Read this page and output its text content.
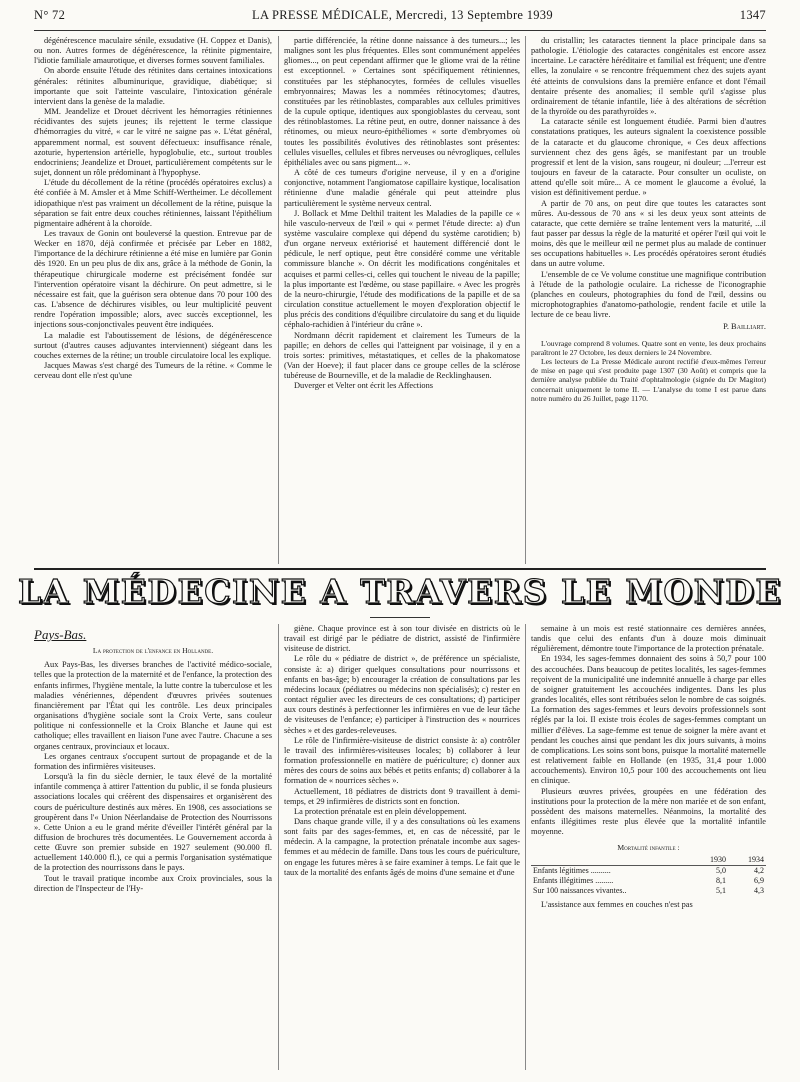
N° 72	LA PRESSE MÉDICALE, Mercredi, 13 Septembre 1939	1347

dégénérescence maculaire sénile, exsudative (H. Coppez et Danis), ou non. Autres formes de dégénérescence, la rétinite pigmentaire, l'idiotie familiale amaurotique, et diverses formes souvent familiales.

On aborde ensuite l'étude des rétinites dans certaines intoxications générales: rétinites albuminurique, gravidique, diabétique; si importante que soit l'atteinte vasculaire, l'intoxication générale intervient dans la genèse de la maladie.

MM. Jeandelize et Drouet décrivent les hémorragies rétiniennes récidivantes des sujets jeunes; ils rejettent le terme classique d'hémorragies du vitré, « car le vitré ne saigne pas ». L'état général, apparemment normal, est souvent défectueux: insuffisance rénale, azoturie, hypertension artérielle, hypoglobulie, etc., surtout troubles endocriniens; Jeandelize et Drouet, particulièrement compétents sur le sujet, donnent un rôle prédominant à l'hypophyse.

L'étude du décollement de la rétine (procédés opératoires exclus) a été confiée à M. Amsler et à Mme Schiff-Wertheimer. Le décollement idiopathique n'est pas vraiment un décollement de la rétine, puisque la séparation se fait entre deux couches rétiniennes, laissant l'épithélium pigmentaire adhérent à la choroïde.

Les travaux de Gonin ont bouleversé la question. Entrevue par de Wecker en 1870, déjà confirmée et précisée par Leber en 1882, l'importance de la déchirure rétinienne a été mise en lumière par Gonin dès 1920. En un peu plus de dix ans, grâce à la méthode de Gonin, la thérapeutique chirurgicale moderne est précisément fondée sur l'intervention opératoire visant la déchirure. On peut admettre, si le nécessaire est fait, que la guérison sera obtenue dans 70 pour 100 des cas. L'absence de déchirures visibles, ou leur multiplicité peuvent rendre l'opération impossible; alors, avec succès exceptionnel, les injections sous-conjonctivales peuvent être indiquées.

La maladie est l'aboutissement de lésions, de dégénérescence surtout (d'autres causes adjuvantes interviennent) siégeant dans les couches externes de la rétine; un trouble circulatoire local les explique.

Jacques Mawas s'est chargé des Tumeurs de la rétine. « Comme le cerveau dont elle n'est qu'une

partie différenciée, la rétine donne naissance à des tumeurs...; les malignes sont les plus fréquentes. Elles sont communément appelées gliomes..., on peut cependant affirmer que le gliome vrai de la rétine est exceptionnel. » Certaines sont spécifiquement rétiniennes, constituées par les stéphanocytes, formées de cellules visuelles embryonnaires; Mawas les a nommées rétinocytomes; d'autres, constituées par les rétinoblastes, comparables aux cellules primitives de la cupule optique, identiques aux spongioblastes du cerveau, sont des rétinoblastomes. La rétine peut, en outre, donner naissance à des rétinomes, ou mieux neuro-épithéliomes « sorte d'embryomes où toutes les possibilités évolutives des rétinoblastes sont présentes: cellules visuelles, cellules et fibres nerveuses ou névrogliques, cellules épithéliales avec ou sans pigment... ».

A côté de ces tumeurs d'origine nerveuse, il y en a d'origine conjonctive, notamment l'angiomatose capillaire kystique, localisation rétinienne d'une maladie générale qui peut atteindre plus particulièrement le système nerveux central.

J. Bollack et Mme Delthil traitent les Maladies de la papille ce « hile vasculo-nerveux de l'œil » qui « permet l'étude directe: a) d'un système vasculaire complexe qui dépend du système carotidien; b) d'un organe nerveux extériorisé et hautement différencié dont le pédicule, le nerf optique, peut être considéré comme une véritable commissure blanche ». On décrit les modifications congénitales et acquises et parmi celles-ci, celles qui touchent le niveau de la papille; la plus importante est l'œdème, ou stase papillaire. « Avec les progrès de la neuro-chirurgie, l'étude des modifications de la papille et de sa circulation constitue actuellement le moyen d'exploration objectif le plus précis des conditions d'équilibre circulatoire du sang et du liquide céphalo-rachidien à l'intérieur du crâne ».

Nordmann décrit rapidement et clairement les Tumeurs de la papille; en dehors de celles qui l'atteignent par voisinage, il y en a trois sortes: primitives, métastatiques, et celles de la phakomatose (Van der Hoeve); il faut placer dans ce groupe celles de la sclérose tubéreuse de Bourneville, et de la maladie de Recklinghausen.

Duverger et Velter ont écrit les Affections

du cristallin; les cataractes tiennent la place principale dans sa pathologie. L'étiologie des cataractes congénitales est encore assez incertaine. Le caractère héréditaire et familial est fréquent; une d'entre elles, la zonulaire « se rencontre fréquemment chez des sujets ayant été atteints de convulsions dans la première enfance et dont l'émail dentaire présente des anomalies; il semble qu'il s'agisse plus ordinairement de tétanie infantile, liée à des altérations de sécrétion de la thyroïde ou des parathyroïdes ».

La cataracte sénile est longuement étudiée. Parmi bien d'autres constatations pratiques, les auteurs signalent la coexistence possible de la cataracte et du glaucome chronique, « Ces deux affections surviennent chez des gens âgés, se manifestant par un trouble progressif et lent de la vision, sans rougeur, ni douleur; ...l'erreur est toujours en faveur de la cataracte. Pour consulter un oculiste, on attend qu'elle soit mûre... A ce moment le glaucome a évolué, la vision est définitivement perdue. »

A partir de 70 ans, on peut dire que toutes les cataractes sont mûres. Au-dessous de 70 ans « si les deux yeux sont atteints de cataracte, que cette dernière se traîne lentement vers la maturité, ...il faut passer par dessus la règle de la maturité et opérer l'œil qui voit le moins, dès que le meilleur œil ne permet plus au malade de continuer ses occupations habituelles ». Les procédés opératoires seront étudiés dans un autre volume.

L'ensemble de ce Ve volume constitue une magnifique contribution à l'étude de la pathologie oculaire. La richesse de l'iconographie (planches en couleurs, photographies du fond de l'œil, dessins ou microphotographies d'anatomo-pathologie, rendent facile et utile la lecture de ce beau livre.

P. Bailliart.

L'ouvrage comprend 8 volumes. Quatre sont en vente, les deux prochains paraîtront le 27 Octobre, les deux derniers le 24 Novembre.

Les lecteurs de La Presse Médicale auront rectifié d'eux-mêmes l'erreur de mise en page qui s'est produite page 1307 (30 Août) et compris que la dernière analyse publiée du Traité d'ophtalmologie (signée du Dr Magitot) concernait uniquement le tome II. — L'analyse du tome I est parue dans notre numéro du 26 Juillet, page 1170.

LA MÉDECINE A TRAVERS LE MONDE
Pays-Bas.
La protection de l'enfance en Hollande.

Aux Pays-Bas, les diverses branches de l'activité médico-sociale, telles que la protection de la maternité et de l'enfance, la protection des enfants infirmes, l'hygiène mentale, la lutte contre la tuberculose et les maladies vénériennes, dépendent d'œuvres privées soutenues financièrement par l'État qui les contrôle. Les deux principales organisations d'hygiène sociale sont la Croix Verte, sans couleur politique ni confessionnelle et la Croix Blanche et Jaune qui est catholique; elles travaillent en liaison l'une avec l'autre. Chacune a ses organes centraux, provinciaux et locaux.

Les organes centraux s'occupent surtout de propagande et de la formation des infirmières visiteuses.

Lorsqu'à la fin du siècle dernier, le taux élevé de la mortalité infantile commença à attirer l'attention du public, il se fonda plusieurs associations locales qui créèrent des dispensaires et organisèrent des cours de puériculture destinés aux mères. En 1908, ces associations se groupèrent dans l'« Union Néerlandaise de Protection des Nourrissons ». Cette Union a eu le grand mérite d'éveiller l'intérêt général par la diffusion de brochures très documentées. Le Gouvernement accorda à cette Œuvre son premier subside en 1927 seulement (90.000 fl. actuellement 140.000 fl.), ce qui a permis l'organisation systématique de la protection des nourrissons dans le pays.

Tout le travail pratique incombe aux Croix provinciales, sous la direction de l'Inspecteur de l'Hy-

giène. Chaque province est à son tour divisée en districts où le travail est dirigé par le pédiatre de district, assisté de l'infirmière visiteuse de district.

Le rôle du « pédiatre de district », de préférence un spécialiste, consiste à: a) diriger quelques consultations pour nourrissons et enfants en bas-âge; b) encourager la création de consultations par les médecins locaux (pédiatres ou médecins non spécialisés); c) rester en contact régulier avec les directeurs de ces consultations; d) participer aux cours destinés à perfectionner les infirmières en vue de leur tâche de visiteuses de l'enfance; e) participer à l'instruction des « nourrices sèches » et des gardes-releveuses.

Le rôle de l'infirmière-visiteuse de district consiste à: a) contrôler le travail des infirmières-visiteuses locales; b) collaborer à leur formation professionnelle en matière de puériculture; c) donner aux mères des cours de soins aux bébés et petits enfants; d) collaborer à la formation de « nourrices sèches ».

Actuellement, 18 pédiatres de districts dont 9 travaillent à demi-temps, et 29 infirmières de districts sont en fonction.

La protection prénatale est en plein développement.

Dans chaque grande ville, il y a des consultations où les examens sont faits par des sages-femmes, et, en cas de nécessité, par le médecin. A la campagne, la protection prénatale incombe aux sages-femmes et au médecin de famille. Dans tous les cours de puériculture, on engage les futures mères à se faire examiner à temps. Le fait que le taux de la mortalité des enfants âgés de moins d'une semaine et d'une

semaine à un mois est resté stationnaire ces dernières années, tandis que celui des enfants d'un à douze mois diminuait régulièrement, démontre toute l'importance de la protection prénatale.

En 1934, les sages-femmes donnaient des soins à 50,7 pour 100 des accouchées. Dans beaucoup de petites localités, les sages-femmes reçoivent de la municipalité une indemnité annuelle à charge par elles de soigner gratuitement les accouchées indigentes. Dans les plus grandes localités, elles sont rétribuées selon le nombre de cas soignés. La formation des sages-femmes et leurs devoirs professionnels sont réglés par la loi. Il existe trois écoles de sages-femmes comptant un millier d'élèves. La sage-femme est tenue de soigner la mère avant et pendant les couches ainsi que pendant les dix jours suivants, à moins de complications. Les soins sont bons, puisque la mortalité maternelle est relativement faible en Hollande (en 1935, 31,4 pour 1.000 accouchements). Environ 10,5 pour 100 des accouchements ont lieu en clinique.

Plusieurs œuvres privées, groupées en une fédération des institutions pour la protection de la mère non mariée et de son enfant, possèdent des maisons maternelles. Néanmoins, la mortalité des enfants illégitimes reste plus élevée que la mortalité infantile moyenne.

Mortalité infantile :
	1930	1934
Enfants légitimes ..........	5,0	4,2
Enfants illégitimes .........	8,1	6,9
Sur 100 naissances vivantes..	5,1	4,3

L'assistance aux femmes en couches n'est pas
